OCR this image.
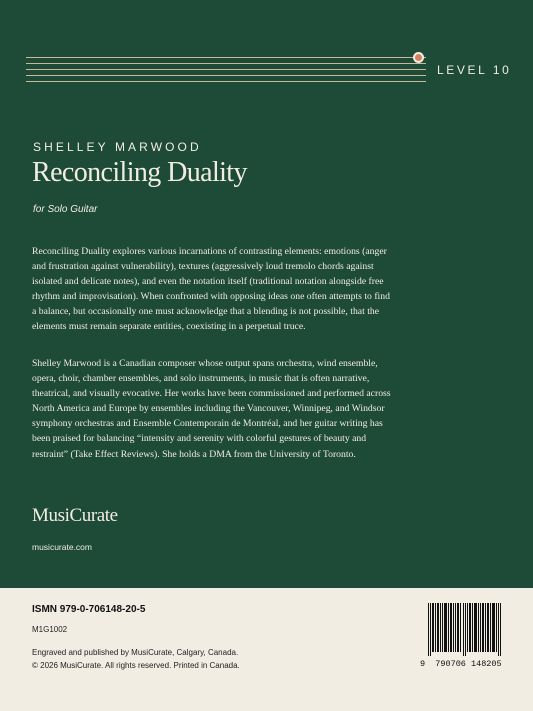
LEVEL 10
SHELLEY MARWOOD
Reconciling Duality
for Solo Guitar

Reconciling Duality explores various incarnations of contrasting elements: emotions (anger and frustration against vulnerability), textures (aggressively loud tremolo chords against isolated and delicate notes), and even the notation itself (traditional notation alongside free rhythm and improvisation). When confronted with opposing ideas one often attempts to find a balance, but occasionally one must acknowledge that a blending is not possible, that the elements must remain separate entities, coexisting in a perpetual truce.

Shelley Marwood is a Canadian composer whose output spans orchestra, wind ensemble, opera, choir, chamber ensembles, and solo instruments, in music that is often narrative, theatrical, and visually evocative. Her works have been commissioned and performed across North America and Europe by ensembles including the Vancouver, Winnipeg, and Windsor symphony orchestras and Ensemble Contemporain de Montréal, and her guitar writing has been praised for balancing “intensity and serenity with colorful gestures of beauty and restraint” (Take Effect Reviews). She holds a DMA from the University of Toronto.

MusiCurate
musicurate.com
ISMN 979-0-706148-20-5
M1G1002
Engraved and published by MusiCurate, Calgary, Canada.
© 2026 MusiCurate. All rights reserved. Printed in Canada.	9  790706 148205
